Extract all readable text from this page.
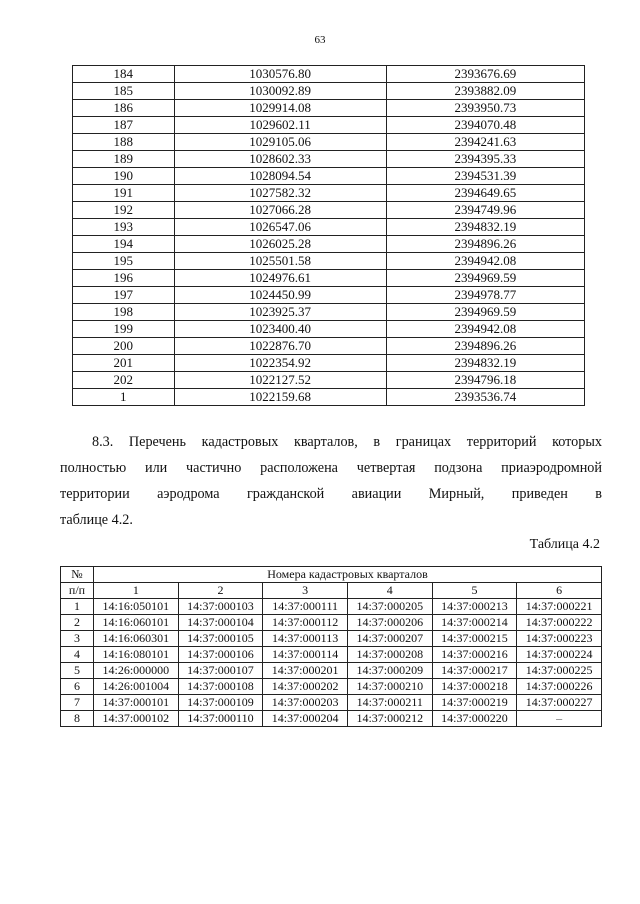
63
184	1030576.80	2393676.69
185	1030092.89	2393882.09
186	1029914.08	2393950.73
187	1029602.11	2394070.48
188	1029105.06	2394241.63
189	1028602.33	2394395.33
190	1028094.54	2394531.39
191	1027582.32	2394649.65
192	1027066.28	2394749.96
193	1026547.06	2394832.19
194	1026025.28	2394896.26
195	1025501.58	2394942.08
196	1024976.61	2394969.59
197	1024450.99	2394978.77
198	1023925.37	2394969.59
199	1023400.40	2394942.08
200	1022876.70	2394896.26
201	1022354.92	2394832.19
202	1022127.52	2394796.18
1	1022159.68	2393536.74
8.3. Перечень кадастровых кварталов, в границах территорий которых
полностью или частично расположена четвертая подзона приаэродромной
территории аэродрома гражданской авиации Мирный, приведен в
таблице 4.2.
Таблица 4.2
№	Номера кадастровых кварталов					
п/п	1	2	3	4	5	6
1	14:16:050101	14:37:000103	14:37:000111	14:37:000205	14:37:000213	14:37:000221
2	14:16:060101	14:37:000104	14:37:000112	14:37:000206	14:37:000214	14:37:000222
3	14:16:060301	14:37:000105	14:37:000113	14:37:000207	14:37:000215	14:37:000223
4	14:16:080101	14:37:000106	14:37:000114	14:37:000208	14:37:000216	14:37:000224
5	14:26:000000	14:37:000107	14:37:000201	14:37:000209	14:37:000217	14:37:000225
6	14:26:001004	14:37:000108	14:37:000202	14:37:000210	14:37:000218	14:37:000226
7	14:37:000101	14:37:000109	14:37:000203	14:37:000211	14:37:000219	14:37:000227
8	14:37:000102	14:37:000110	14:37:000204	14:37:000212	14:37:000220	–
